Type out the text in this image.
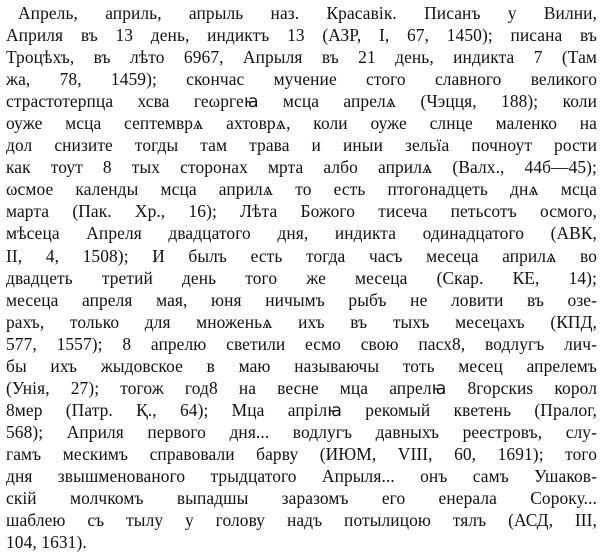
Апрель, априль, апрыль наз. Красавік. Писанъ у Вилни,
Априля въ 13 день, индиктъ 13 (АЗР, I, 67, 1450); писана въ
Троцѣхъ, въ лѣто 6967, Апрыля въ 21 день, индикта 7 (Там
жа, 78, 1459); скончас мучение стого славного великого
страстотерпца хсва геωргеꙗ мсца апрелѧ (Чэцця, 188); коли
оуже мсца септемврѧ ахтоврѧ, коли оуже слнце маленко на
дол снизите тогды там трава и иныи зельїа почноут рости
как тоут 8 тых сторонах мрта албо априлѧ (Валх., 44б—45);
ωсмое календы мсца априлѧ то есть птогонадцеть днѧ мсца
марта (Пак. Хр., 16); Лѣта Божого тисеча петьсотъ осмого,
мѣсеца Апреля двадцатого дня, индикта одинадцатого (АВК,
II, 4, 1508); И былъ есть тогда часъ месеца априлѧ во
двадцеть третий день того же месеца (Скар. КЕ, 14);
месеца апреля мая, юня ничымъ рыбъ не ловити въ озе-
рахъ, только для множеньѧ ихъ въ тыхъ месецахъ (КПД,
577, 1557); 8 апрелю светили есмо свою пасх8, водлугъ лич-
бы ихъ жыдовское в маю называючы тоть месец апрелемъ
(Унія, 27); тогож год8 на весне мца апрелꙗ 8горскиѕ корол
8мер (Патр. Қ., 64); Мца апрілꙗ рекомый кветень (Пралог,
568); Априля первого дня... водлугъ давныхъ реестровъ, слу-
гамъ мескимъ справовали барву (ИЮМ, VIII, 60, 1691); того
дня звышменованого трыдцатого Апрыля... онъ самъ Ушаков-
скій молчкомъ выпадшы заразомъ его енерала Сороку...
шаблею съ тылу у голову надъ потылицою тялъ (АСД, III,
104, 1631).
